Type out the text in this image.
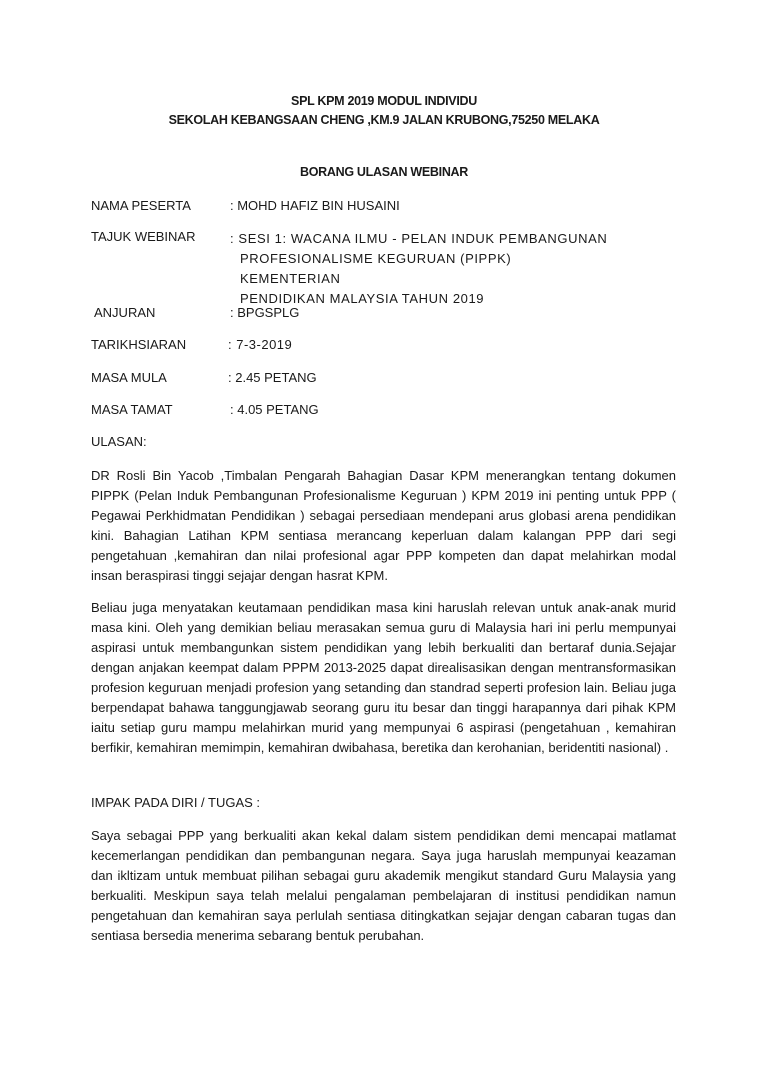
SPL KPM 2019 MODUL INDIVIDU
SEKOLAH KEBANGSAAN CHENG ,KM.9 JALAN KRUBONG,75250 MELAKA
BORANG ULASAN WEBINAR
NAMA PESERTA	: MOHD HAFIZ BIN HUSAINI
TAJUK WEBINAR	: SESI 1: WACANA ILMU - PELAN INDUK PEMBANGUNAN
PROFESIONALISME KEGURUAN (PIPPK) KEMENTERIAN
PENDIDIKAN MALAYSIA TAHUN 2019
ANJURAN	: BPGSPLG
TARIKHSIARAN	: 7-3-2019
MASA MULA	: 2.45 PETANG
MASA TAMAT	: 4.05 PETANG
ULASAN:
DR Rosli Bin Yacob ,Timbalan Pengarah Bahagian Dasar KPM menerangkan tentang dokumen PIPPK (Pelan Induk Pembangunan Profesionalisme Keguruan ) KPM 2019 ini penting untuk PPP ( Pegawai Perkhidmatan Pendidikan ) sebagai persediaan mendepani arus globasi arena pendidikan kini. Bahagian Latihan KPM sentiasa merancang keperluan dalam kalangan PPP dari segi pengetahuan ,kemahiran dan nilai profesional agar PPP kompeten dan dapat melahirkan modal insan beraspirasi tinggi sejajar dengan hasrat KPM.
Beliau juga menyatakan keutamaan pendidikan masa kini haruslah relevan untuk anak-anak murid masa kini. Oleh yang demikian beliau merasakan semua guru di Malaysia hari ini perlu mempunyai aspirasi untuk membangunkan sistem pendidikan yang lebih berkualiti dan bertaraf dunia.Sejajar dengan anjakan keempat dalam PPPM 2013-2025 dapat direalisasikan dengan mentransformasikan profesion keguruan menjadi profesion yang setanding dan standrad seperti profesion lain. Beliau juga berpendapat bahawa tanggungjawab seorang guru itu besar dan tinggi harapannya dari pihak KPM iaitu setiap guru mampu melahirkan murid yang mempunyai 6 aspirasi (pengetahuan , kemahiran berfikir, kemahiran memimpin, kemahiran dwibahasa, beretika dan kerohanian, beridentiti nasional) .
IMPAK PADA DIRI / TUGAS :
Saya sebagai PPP yang berkualiti akan kekal dalam sistem pendidikan demi mencapai matlamat kecemerlangan pendidikan dan pembangunan negara. Saya juga haruslah mempunyai keazaman dan ikltizam untuk membuat pilihan sebagai guru akademik mengikut standard Guru Malaysia yang berkualiti. Meskipun saya telah melalui pengalaman pembelajaran di institusi pendidikan namun pengetahuan dan kemahiran saya perlulah sentiasa ditingkatkan sejajar dengan cabaran tugas dan sentiasa bersedia menerima sebarang bentuk perubahan.
